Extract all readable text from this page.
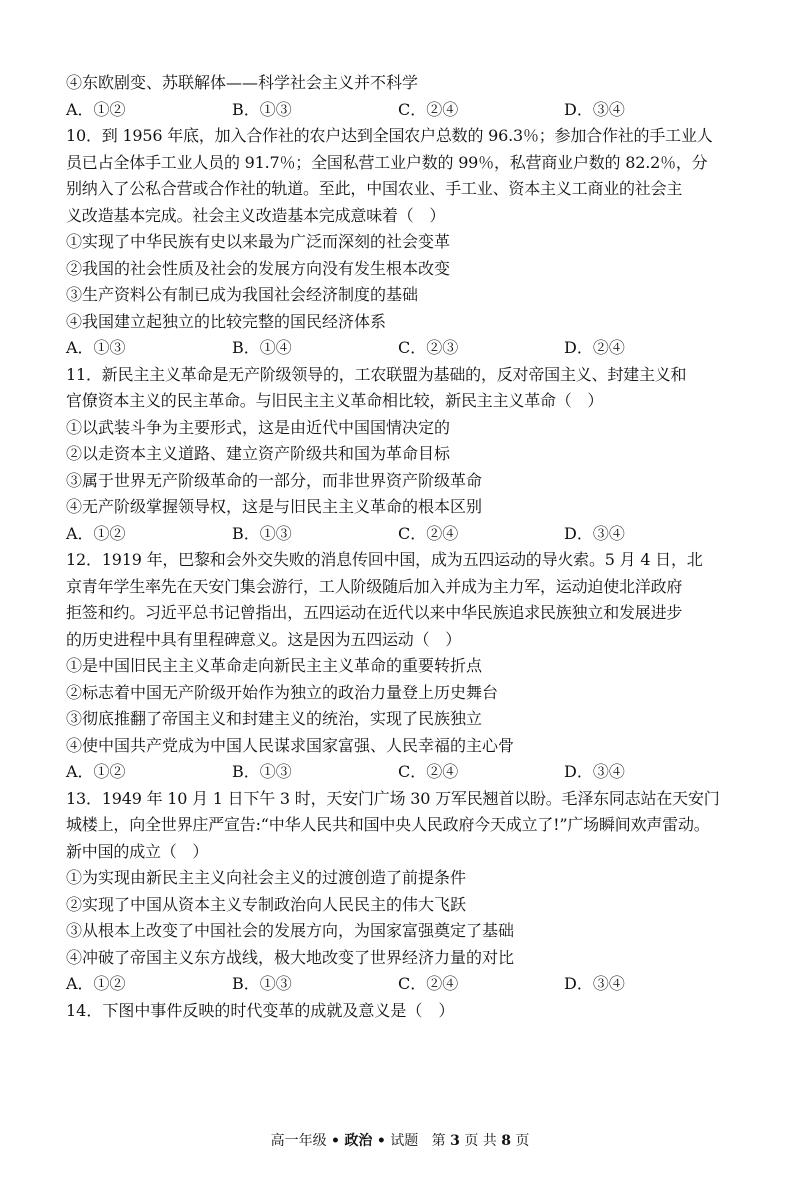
④东欧剧变、苏联解体——科学社会主义并不科学
A．①②	B．①③	C．②④	D．③④
10．到 1956 年底，加入合作社的农户达到全国农户总数的 96.3％；参加合作社的手工业人
员已占全体手工业人员的 91.7％；全国私营工业户数的 99％，私营商业户数的 82.2％，分
别纳入了公私合营或合作社的轨道。至此，中国农业、手工业、资本主义工商业的社会主
义改造基本完成。社会主义改造基本完成意味着（　）
①实现了中华民族有史以来最为广泛而深刻的社会变革
②我国的社会性质及社会的发展方向没有发生根本改变
③生产资料公有制已成为我国社会经济制度的基础
④我国建立起独立的比较完整的国民经济体系
A．①③	B．①④	C．②③	D．②④
11．新民主主义革命是无产阶级领导的，工农联盟为基础的，反对帝国主义、封建主义和
官僚资本主义的民主革命。与旧民主主义革命相比较，新民主主义革命（　）
①以武装斗争为主要形式，这是由近代中国国情决定的
②以走资本主义道路、建立资产阶级共和国为革命目标
③属于世界无产阶级革命的一部分，而非世界资产阶级革命
④无产阶级掌握领导权，这是与旧民主主义革命的根本区别
A．①②	B．①③	C．②④	D．③④
12．1919 年，巴黎和会外交失败的消息传回中国，成为五四运动的导火索。5 月 4 日，北
京青年学生率先在天安门集会游行，工人阶级随后加入并成为主力军，运动迫使北洋政府
拒签和约。习近平总书记曾指出，五四运动在近代以来中华民族追求民族独立和发展进步
的历史进程中具有里程碑意义。这是因为五四运动（　）
①是中国旧民主主义革命走向新民主主义革命的重要转折点
②标志着中国无产阶级开始作为独立的政治力量登上历史舞台
③彻底推翻了帝国主义和封建主义的统治，实现了民族独立
④使中国共产党成为中国人民谋求国家富强、人民幸福的主心骨
A．①②	B．①③	C．②④	D．③④
13．1949 年 10 月 1 日下午 3 时，天安门广场 30 万军民翘首以盼。毛泽东同志站在天安门
城楼上，向全世界庄严宣告:“中华人民共和国中央人民政府今天成立了!”广场瞬间欢声雷动。
新中国的成立（　）
①为实现由新民主主义向社会主义的过渡创造了前提条件
②实现了中国从资本主义专制政治向人民民主的伟大飞跃
③从根本上改变了中国社会的发展方向，为国家富强奠定了基础
④冲破了帝国主义东方战线，极大地改变了世界经济力量的对比
A．①②	B．①③	C．②④	D．③④
14．下图中事件反映的时代变革的成就及意义是（　）
高一年级 • 政治 • 试题 第 3 页 共 8 页
